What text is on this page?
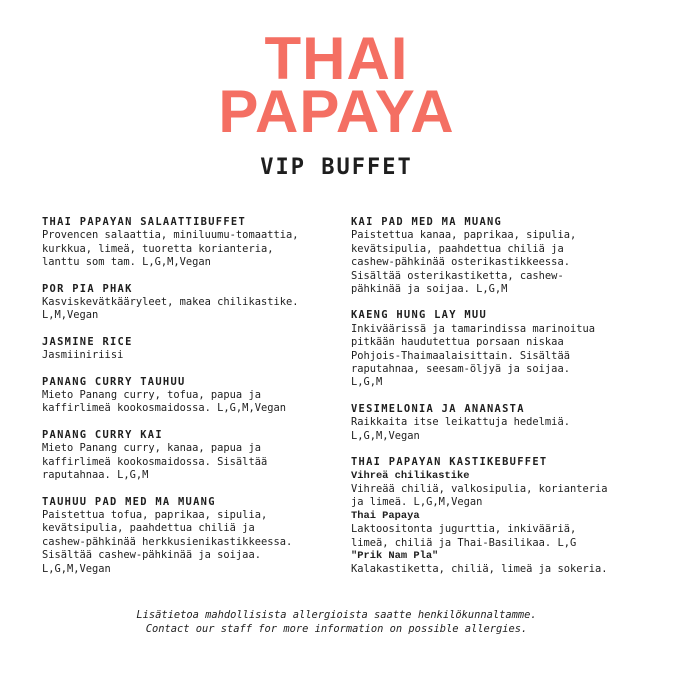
THAI
PAPAYA
VIP BUFFET
THAI PAPAYAN SALAATTIBUFFET
Provencen salaattia, miniluumu-tomaattia,
kurkkua, limeä, tuoretta korianteria,
lanttu som tam. L,G,M,Vegan
POR PIA PHAK
Kasviskevätkääryleet, makea chilikastike.
L,M,Vegan
JASMINE RICE
Jasmiiniriisi
PANANG CURRY TAUHUU
Mieto Panang curry, tofua, papua ja
kaffirlimeä kookosmaidossa. L,G,M,Vegan
PANANG CURRY KAI
Mieto Panang curry, kanaa, papua ja
kaffirlimeä kookosmaidossa. Sisältää
raputahnaa. L,G,M
TAUHUU PAD MED MA MUANG
Paistettua tofua, paprikaa, sipulia,
kevätsipulia, paahdettua chiliä ja
cashew-pähkinää herkkusienikastikkeessa.
Sisältää cashew-pähkinää ja soijaa.
L,G,M,Vegan
KAI PAD MED MA MUANG
Paistettua kanaa, paprikaa, sipulia,
kevätsipulia, paahdettua chiliä ja
cashew-pähkinää osterikastikkeessa.
Sisältää osterikastiketta, cashew-
pähkinää ja soijaa. L,G,M
KAENG HUNG LAY MUU
Inkiväärissä ja tamarindissa marinoitua
pitkään haudutettua porsaan niskaa
Pohjois-Thaimaalaisittain. Sisältää
raputahnaa, seesam-öljyä ja soijaa.
L,G,M
VESIMELONIA JA ANANASTA
Raikkaita itse leikattuja hedelmiä.
L,G,M,Vegan
THAI PAPAYAN KASTIKEBUFFET
Vihreä chilikastike
Vihreää chiliä, valkosipulia, korianteria
ja limeä. L,G,M,Vegan
Thai Papaya
Laktoositonta jugurttia, inkivääriä,
limeä, chiliä ja Thai-Basilikaa. L,G
"Prik Nam Pla"
Kalakastiketta, chiliä, limeä ja sokeria.
Lisätietoa mahdollisista allergioista saatte henkilökunnaltamme.
Contact our staff for more information on possible allergies.
